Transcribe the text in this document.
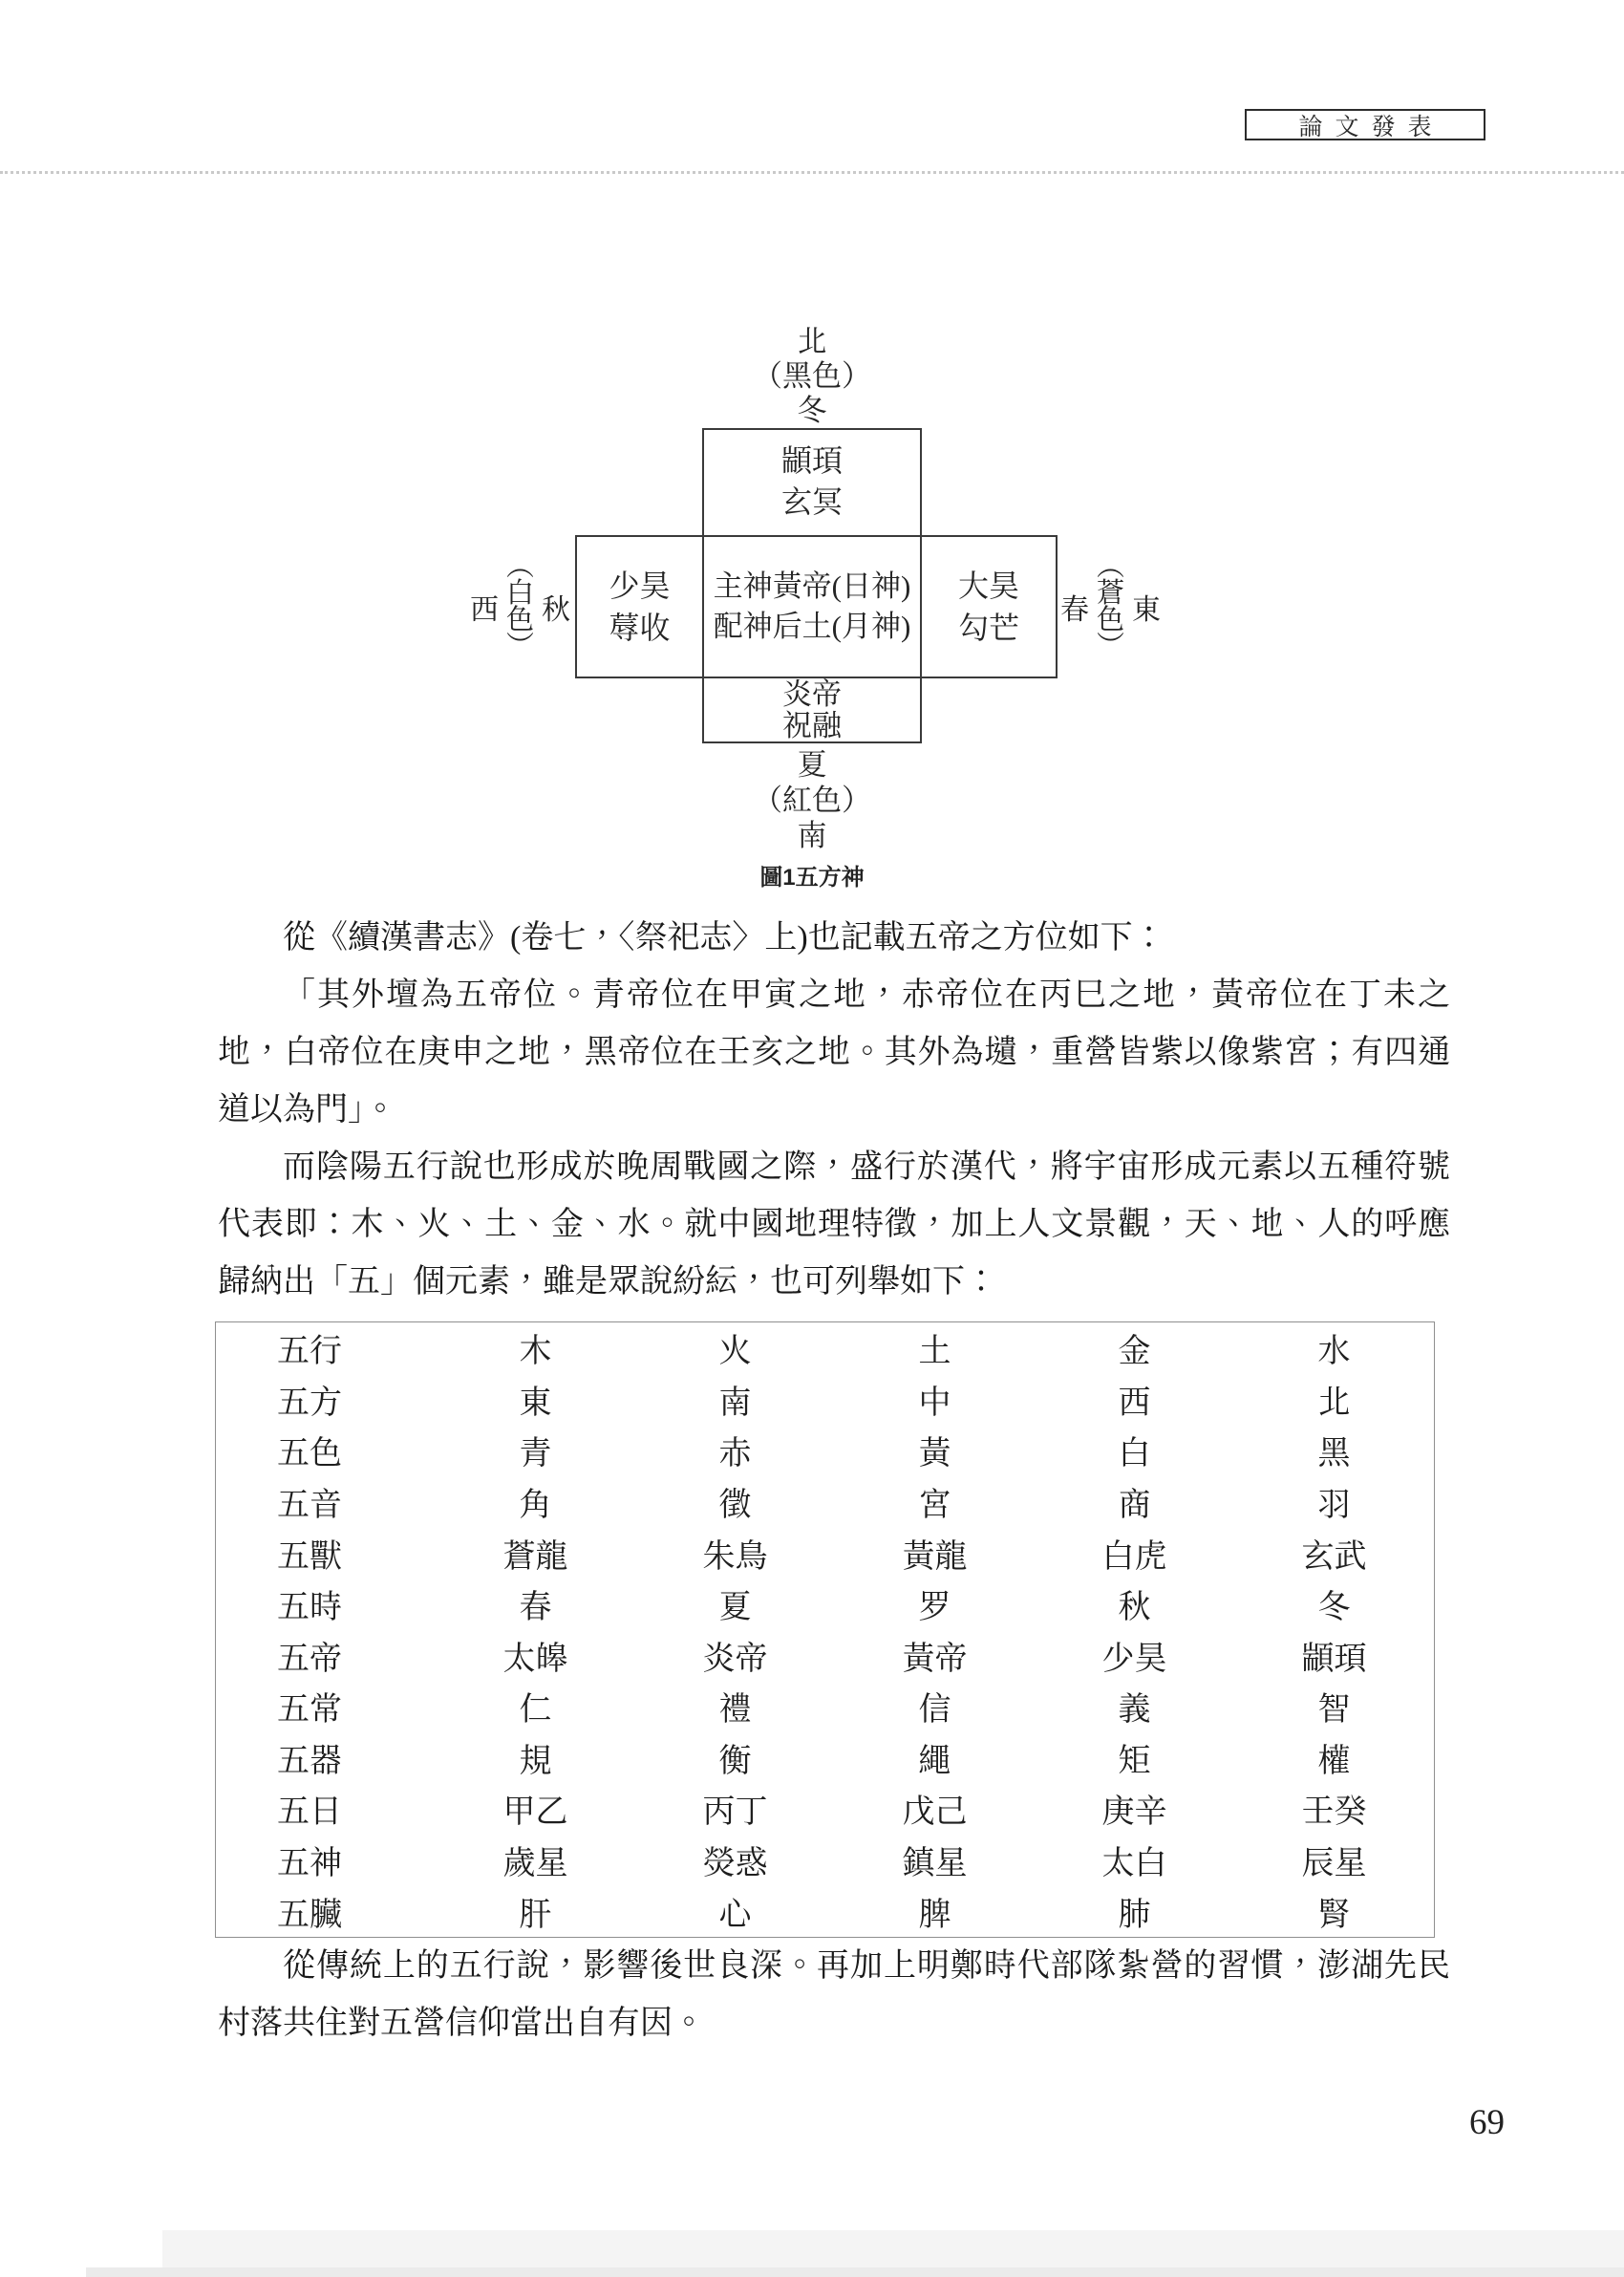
論文發表
北
（黑色）
冬
顓頊
玄冥
少昊
蓐收
主神黃帝(日神)
配神后土(月神)
大昊
勾芒
炎帝
祝融
西
︵
白
色
︶
秋	春
︵
蒼
色
︶
東
夏
（紅色）
南
圖1五方神

從《續漢書志》(卷七，〈祭祀志〉上)也記載五帝之方位如下：

「其外壇為五帝位。青帝位在甲寅之地，赤帝位在丙巳之地，黃帝位在丁未之地，白帝位在庚申之地，黑帝位在壬亥之地。其外為壝，重營皆紫以像紫宮；有四通道以為門」。

而陰陽五行說也形成於晚周戰國之際，盛行於漢代，將宇宙形成元素以五種符號代表即：木、火、土、金、水。就中國地理特徵，加上人文景觀，天、地、人的呼應歸納出「五」個元素，雖是眾說紛紜，也可列舉如下：

五行	木	火	土	金	水
五方	東	南	中	西	北
五色	青	赤	黃	白	黑
五音	角	徵	宮	商	羽
五獸	蒼龍	朱鳥	黃龍	白虎	玄武
五時	春	夏	罗	秋	冬
五帝	太皞	炎帝	黃帝	少昊	顓頊
五常	仁	禮	信	義	智
五器	規	衡	繩	矩	權
五日	甲乙	丙丁	戊己	庚辛	壬癸
五神	歲星	熒惑	鎮星	太白	辰星
五臟	肝	心	脾	肺	腎

從傳統上的五行說，影響後世良深。再加上明鄭時代部隊紮營的習慣，澎湖先民村落共住對五營信仰當出自有因。

69
